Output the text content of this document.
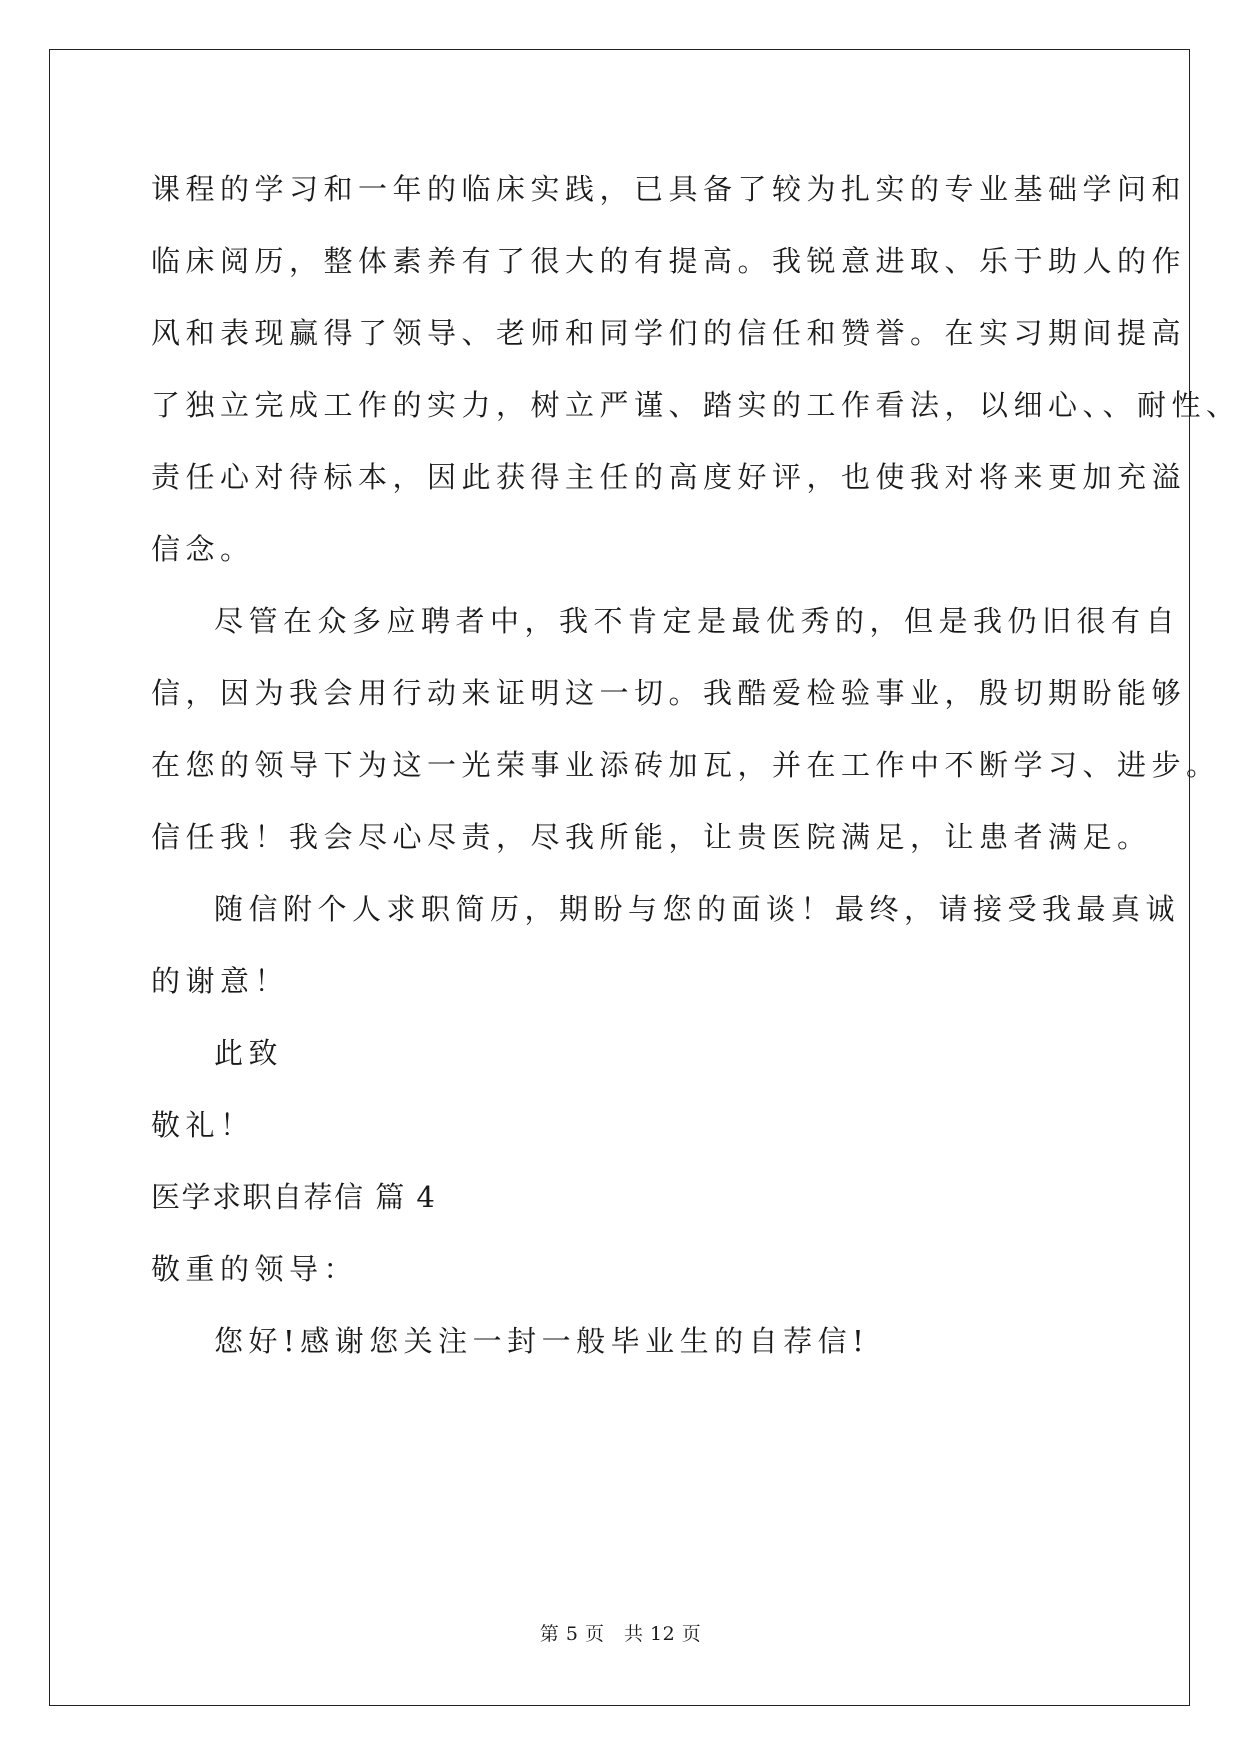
课程的学习和一年的临床实践，已具备了较为扎实的专业基础学问和
临床阅历，整体素养有了很大的有提高。我锐意进取、乐于助人的作
风和表现赢得了领导、老师和同学们的信任和赞誉。在实习期间提高
了独立完成工作的实力，树立严谨、踏实的工作看法，以细心、、耐性、
责任心对待标本，因此获得主任的高度好评，也使我对将来更加充溢
信念。
尽管在众多应聘者中，我不肯定是最优秀的，但是我仍旧很有自
信，因为我会用行动来证明这一切。我酷爱检验事业，殷切期盼能够
在您的领导下为这一光荣事业添砖加瓦，并在工作中不断学习、进步。
信任我！我会尽心尽责，尽我所能，让贵医院满足，让患者满足。
随信附个人求职简历，期盼与您的面谈！最终，请接受我最真诚
的谢意！
此致
敬礼！
医学求职自荐信 篇 4
敬重的领导：
您好!感谢您关注一封一般毕业生的自荐信!
第 5 页　共 12 页
